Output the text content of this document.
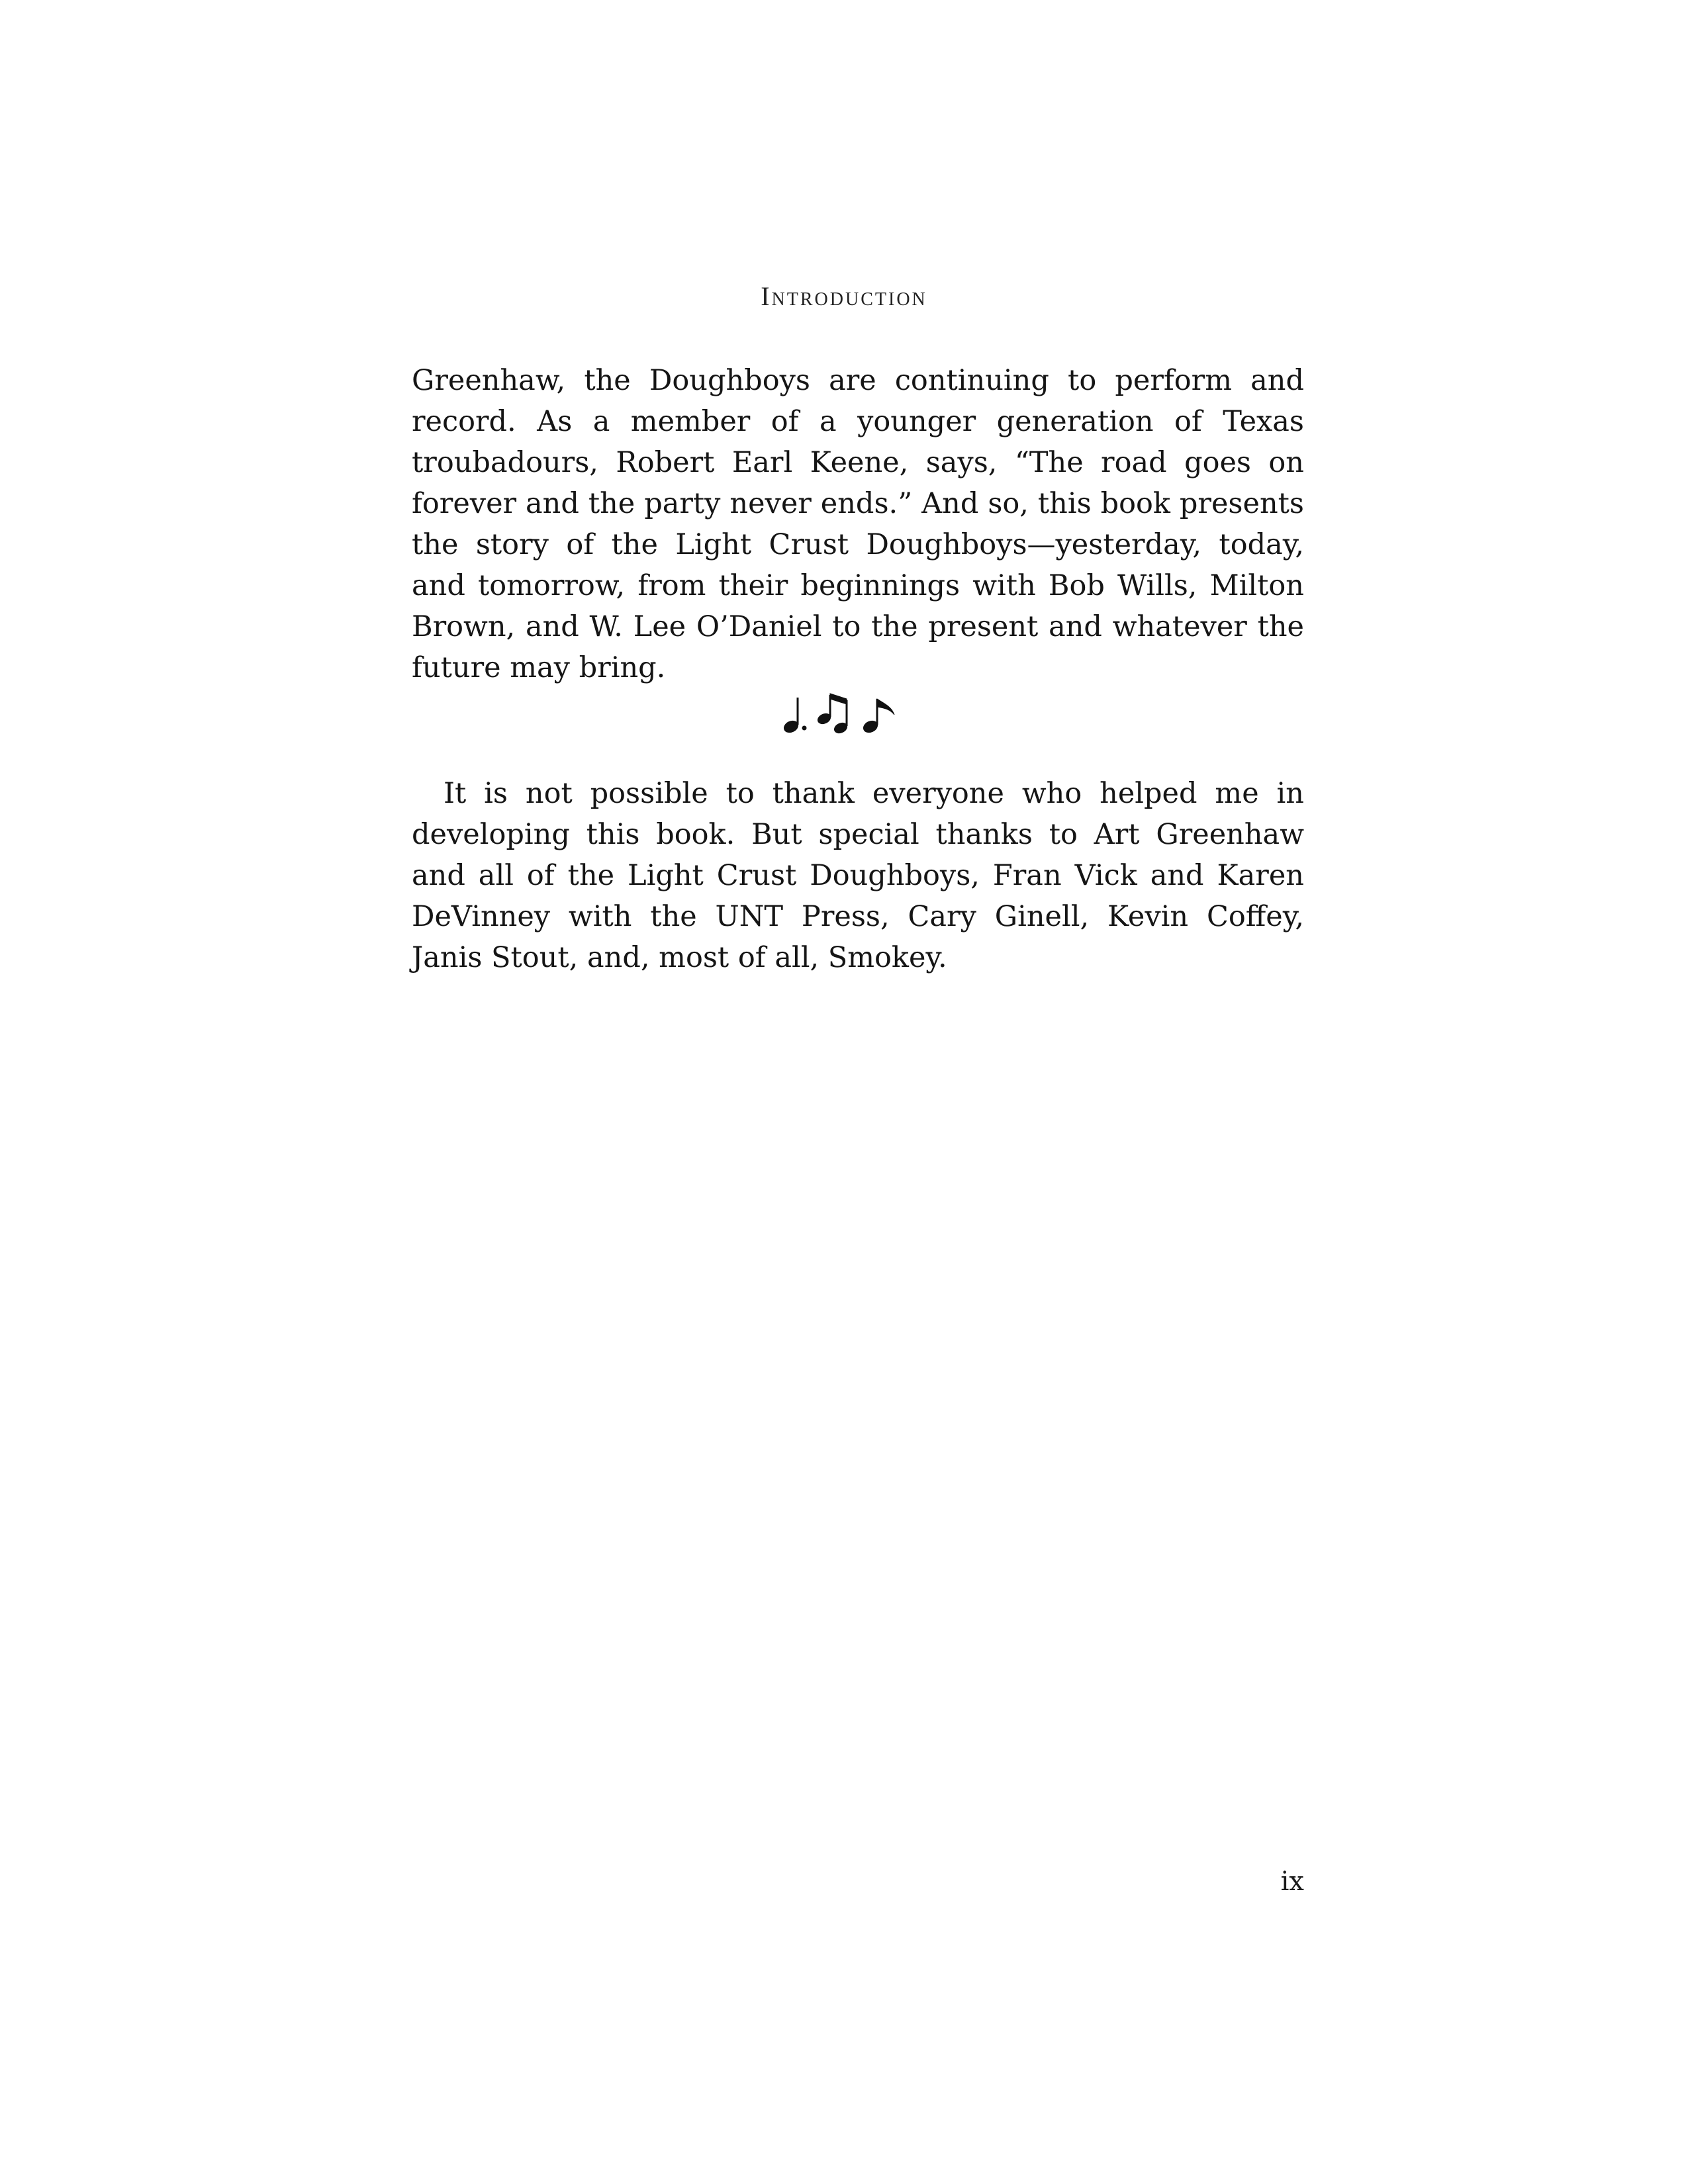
Introduction

Greenhaw, the Doughboys are continuing to perform and record. As a member of a younger generation of Texas troubadours, Robert Earl Keene, says, “The road goes on forever and the party never ends.” And so, this book presents the story of the Light Crust Doughboys—yesterday, today, and tomorrow, from their beginnings with Bob Wills, Milton Brown, and W. Lee O’Daniel to the present and whatever the future may bring.

It is not possible to thank everyone who helped me in developing this book. But special thanks to Art Greenhaw and all of the Light Crust Doughboys, Fran Vick and Karen DeVinney with the UNT Press, Cary Ginell, Kevin Coffey, Janis Stout, and, most of all, Smokey.

ix
